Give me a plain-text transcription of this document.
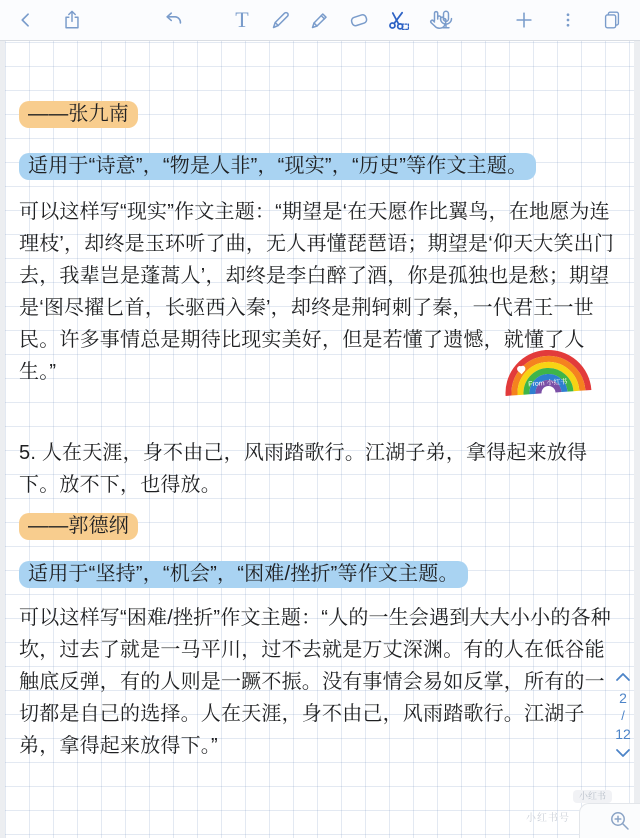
T
——张九南
适用于“诗意”，“物是人非”，“现实”，“历史”等作文主题。
可以这样写“现实”作文主题：“期望是‘在天愿作比翼鸟，在地愿为连理枝’，却终是玉环听了曲，无人再懂琵琶语；期望是‘仰天大笑出门去，我辈岂是蓬蒿人’，却终是李白醉了酒，你是孤独也是愁；期望是‘图尽擢匕首，长驱西入秦’，却终是荆轲刺了秦，一代君王一世民。许多事情总是期待比现实美好，但是若懂了遗憾，就懂了人生。”
From 小红书
5. 人在天涯，身不由己，风雨踏歌行。江湖子弟，拿得起来放得下。放不下，也得放。
——郭德纲
适用于“坚持”，“机会”，“困难/挫折”等作文主题。
可以这样写“困难/挫折”作文主题：“人的一生会遇到大大小小的各种坎，过去了就是一马平川，过不去就是万丈深渊。有的人在低谷能触底反弹，有的人则是一蹶不振。没有事情会易如反掌，所有的一切都是自己的选择。人在天涯，身不由己，风雨踏歌行。江湖子弟，拿得起来放得下。”
2
/
12
小红书
小红书号
